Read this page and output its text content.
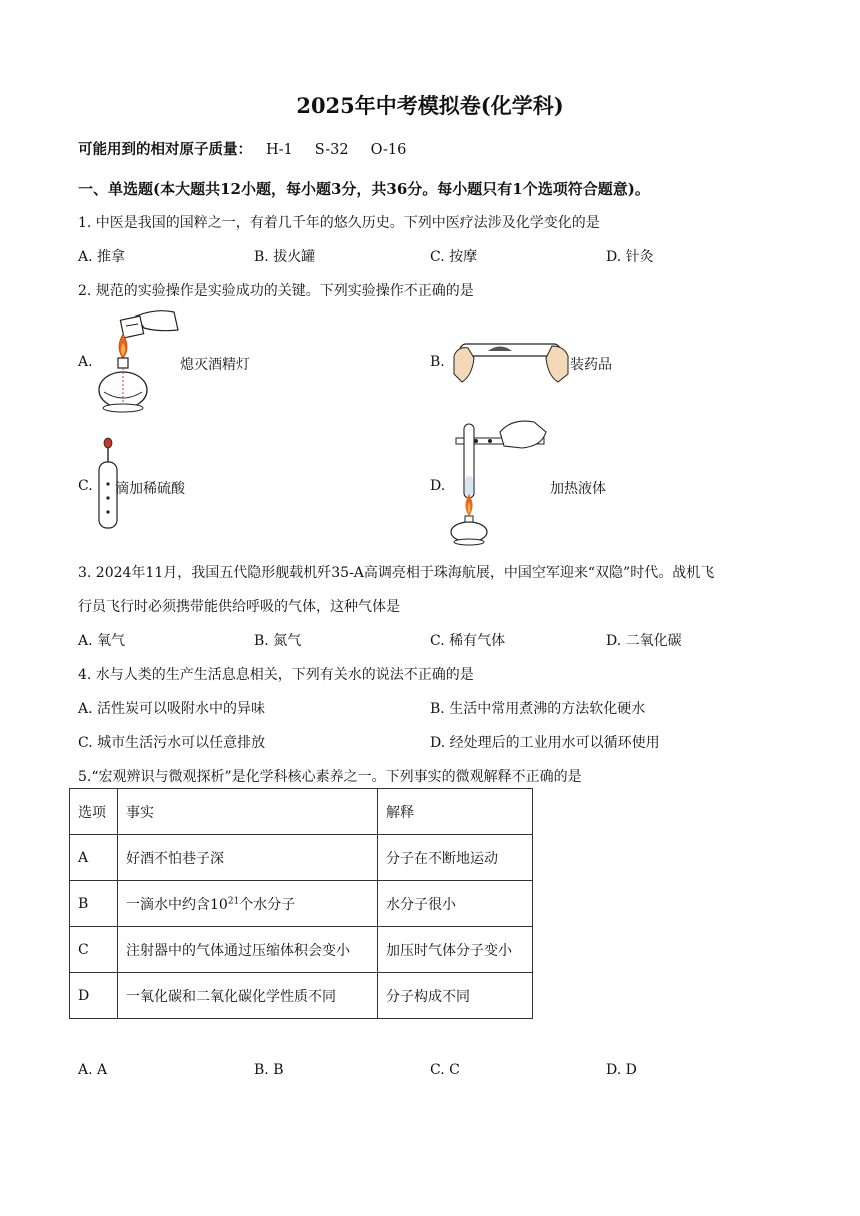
2025年中考模拟卷(化学科)
可能用到的相对原子质量： H-1 S-32 O-16
一、单选题(本大题共12小题，每小题3分，共36分。每小题只有1个选项符合题意)。
1. 中医是我国的国粹之一，有着几千年的悠久历史。下列中医疗法涉及化学变化的是
A. 推拿	B. 拔火罐	C. 按摩	D. 针灸
2. 规范的实验操作是实验成功的关键。下列实验操作不正确的是
A.	熄灭酒精灯	B.	装药品
C. 滴加稀硫酸	D.	加热液体
3. 2024年11月，我国五代隐形舰载机歼35-A高调亮相于珠海航展，中国空军迎来“双隐”时代。战机飞
行员飞行时必须携带能供给呼吸的气体，这种气体是
A. 氧气	B. 氮气	C. 稀有气体	D. 二氧化碳
4. 水与人类的生产生活息息相关，下列有关水的说法不正确的是
A. 活性炭可以吸附水中的异味	B. 生活中常用煮沸的方法软化硬水
C. 城市生活污水可以任意排放	D. 经处理后的工业用水可以循环使用
5.“宏观辨识与微观探析”是化学科核心素养之一。下列事实的微观解释不正确的是
选项	事实	解释
A	好酒不怕巷子深	分子在不断地运动
B	一滴水中约含$10^{21}$个水分子	水分子很小
C	注射器中的气体通过压缩体积会变小	加压时气体分子变小
D	一氧化碳和二氧化碳化学性质不同	分子构成不同
A. A	B. B	C. C	D. D
